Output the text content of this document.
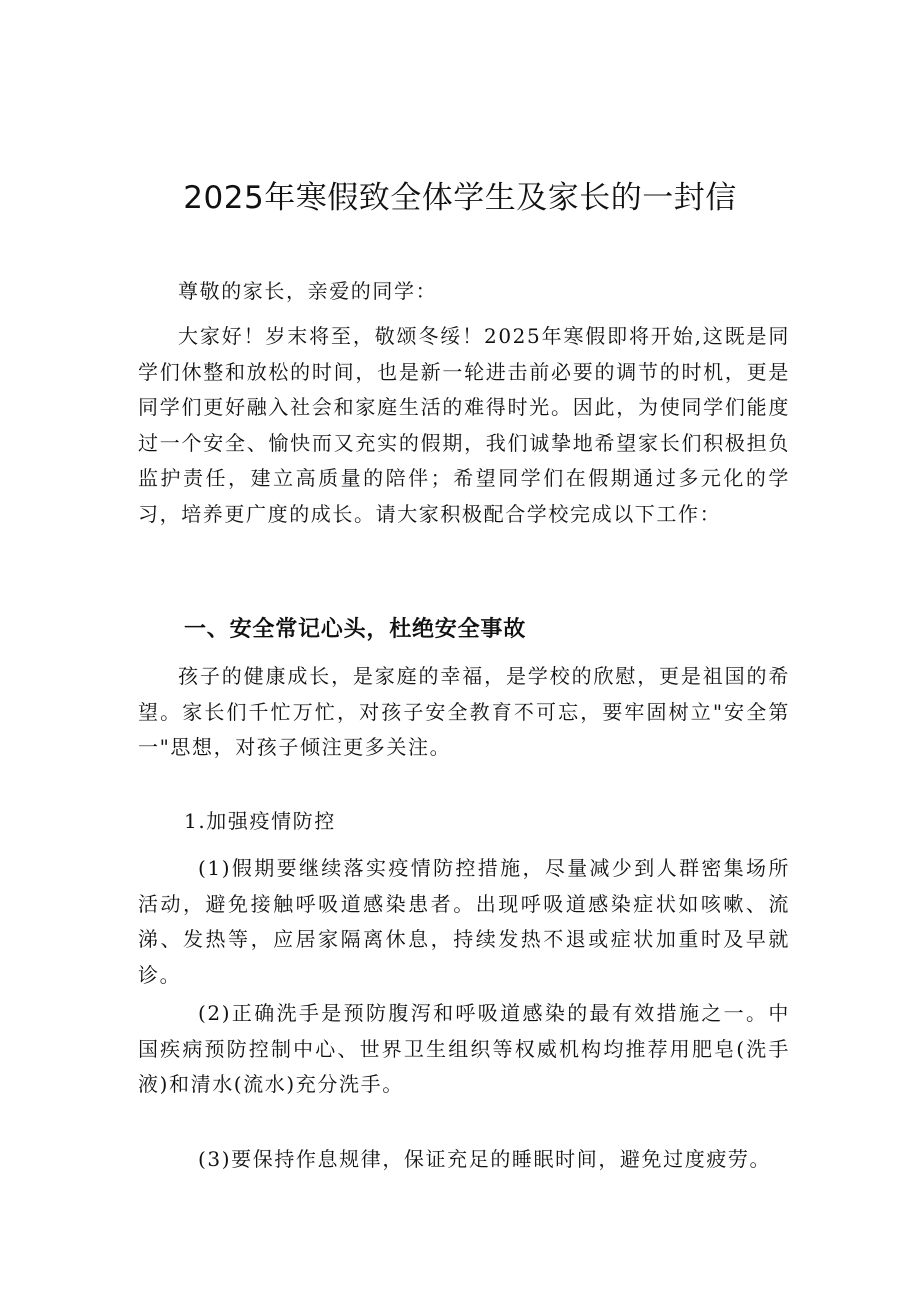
2025年寒假致全体学生及家长的一封信

尊敬的家长，亲爱的同学：

大家好！岁末将至，敬颂冬绥！2025年寒假即将开始,这既是同学们休整和放松的时间，也是新一轮进击前必要的调节的时机，更是同学们更好融入社会和家庭生活的难得时光。因此，为使同学们能度过一个安全、愉快而又充实的假期，我们诚挚地希望家长们积极担负监护责任，建立高质量的陪伴；希望同学们在假期通过多元化的学习，培养更广度的成长。请大家积极配合学校完成以下工作：

一、安全常记心头，杜绝安全事故

孩子的健康成长，是家庭的幸福，是学校的欣慰，更是祖国的希望。家长们千忙万忙，对孩子安全教育不可忘，要牢固树立"安全第一"思想，对孩子倾注更多关注。

1.加强疫情防控

(1)假期要继续落实疫情防控措施，尽量减少到人群密集场所活动，避免接触呼吸道感染患者。出现呼吸道感染症状如咳嗽、流涕、发热等，应居家隔离休息，持续发热不退或症状加重时及早就诊。

(2)正确洗手是预防腹泻和呼吸道感染的最有效措施之一。中国疾病预防控制中心、世界卫生组织等权威机构均推荐用肥皂(洗手液)和清水(流水)充分洗手。

(3)要保持作息规律，保证充足的睡眠时间，避免过度疲劳。
